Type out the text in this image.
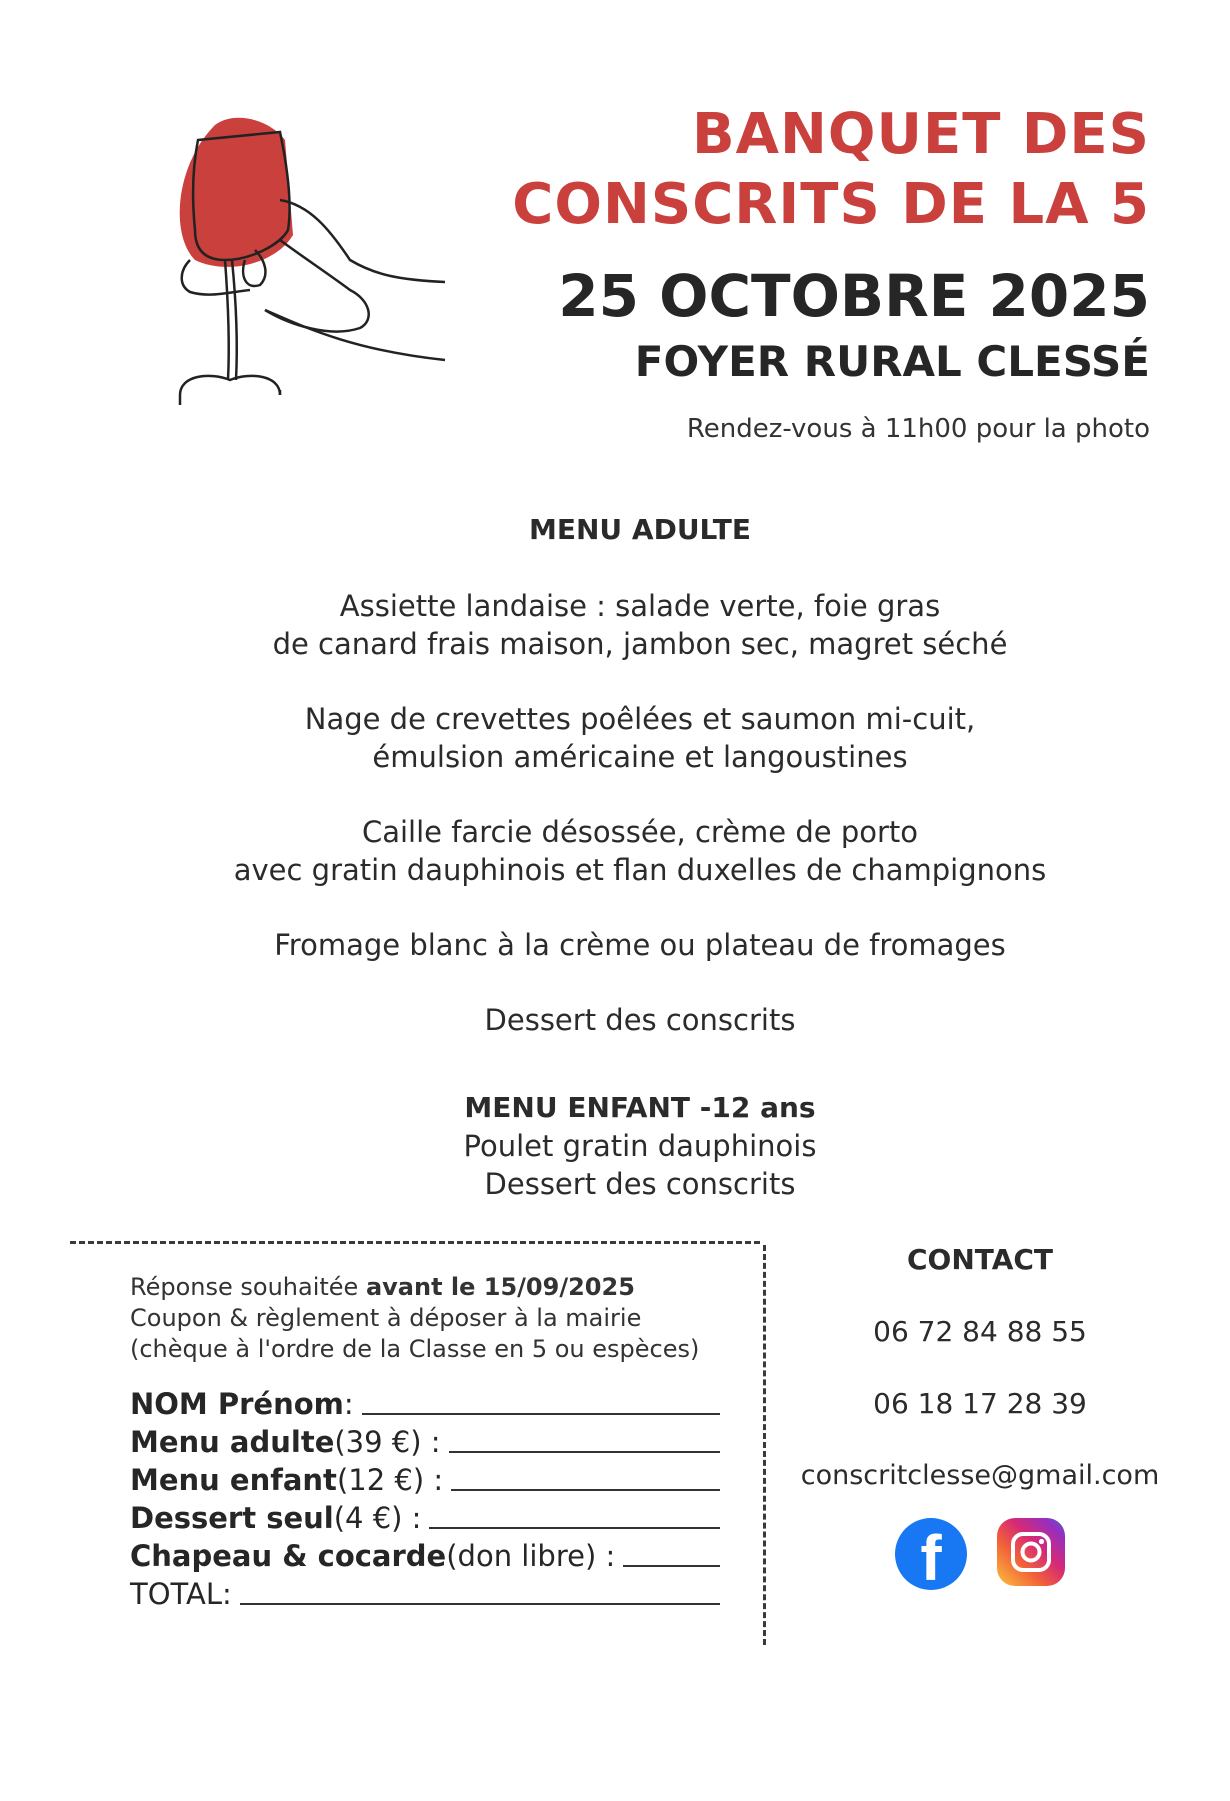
BANQUET DES
CONSCRITS DE LA 5
25 OCTOBRE 2025
FOYER RURAL CLESSÉ
Rendez-vous à 11h00 pour la photo
MENU ADULTE
Assiette landaise : salade verte, foie gras
de canard frais maison, jambon sec, magret séché
Nage de crevettes poêlées et saumon mi-cuit,
émulsion américaine et langoustines
Caille farcie désossée, crème de porto
avec gratin dauphinois et flan duxelles de champignons
Fromage blanc à la crème ou plateau de fromages
Dessert des conscrits
MENU ENFANT -12 ans
Poulet gratin dauphinois
Dessert des conscrits
Réponse souhaitée avant le 15/09/2025
Coupon & règlement à déposer à la mairie
(chèque à l'ordre de la Classe en 5 ou espèces)
NOM Prénom :
Menu adulte (39 €) :
Menu enfant (12 €) :
Dessert seul (4 €) :
Chapeau & cocarde (don libre) :
TOTAL :
CONTACT
06 72 84 88 55
06 18 17 28 39
conscritclesse@gmail.com
f
